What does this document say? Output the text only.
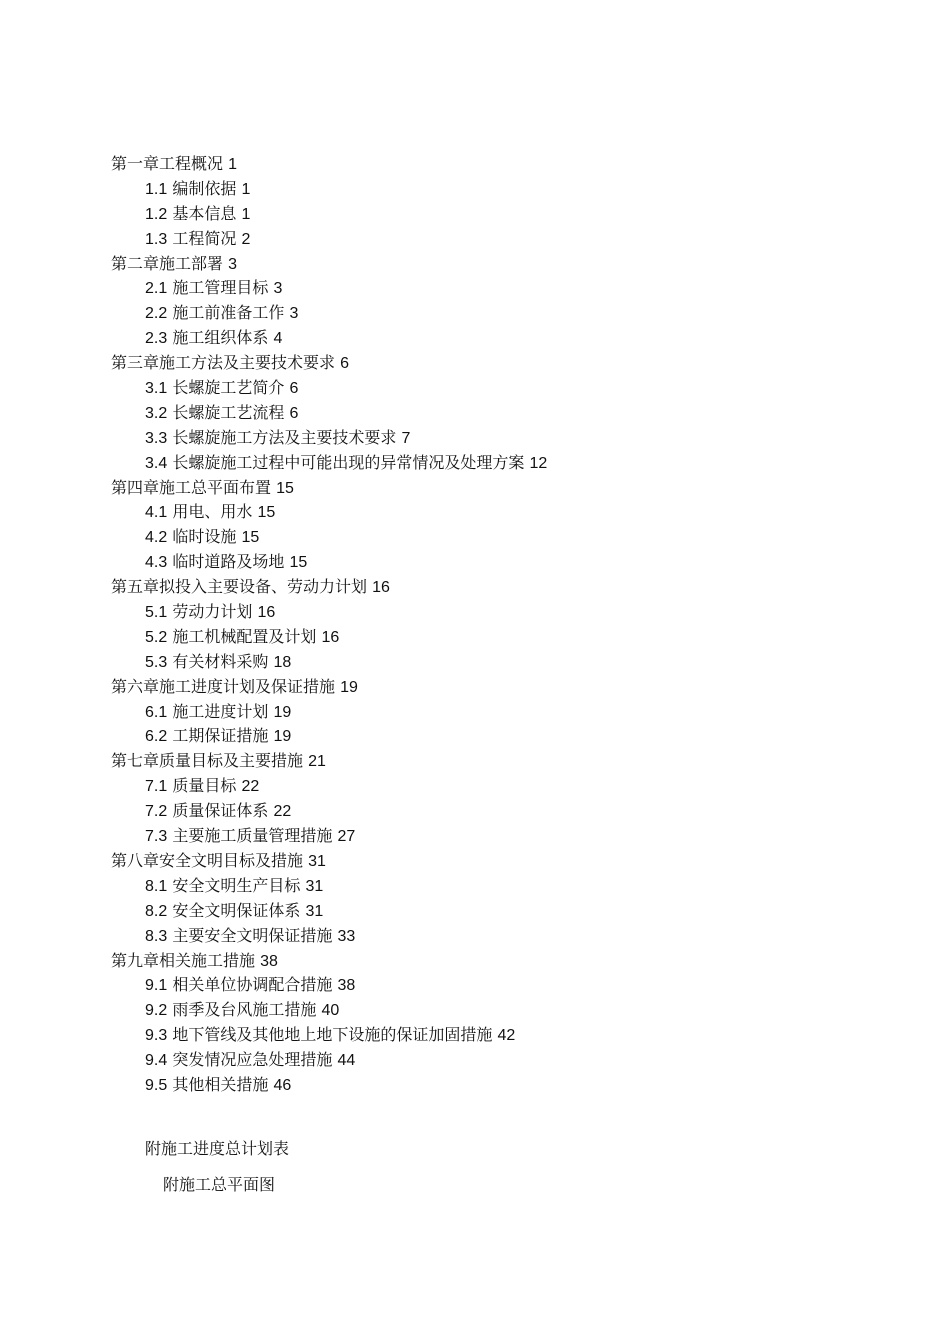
第一章工程概况 1
1.1 编制依据 1
1.2 基本信息 1
1.3 工程简况 2
第二章施工部署 3
2.1 施工管理目标 3
2.2 施工前准备工作 3
2.3 施工组织体系 4
第三章施工方法及主要技术要求 6
3.1 长螺旋工艺简介 6
3.2 长螺旋工艺流程 6
3.3 长螺旋施工方法及主要技术要求 7
3.4 长螺旋施工过程中可能出现的异常情况及处理方案 12
第四章施工总平面布置 15
4.1 用电、用水 15
4.2 临时设施 15
4.3 临时道路及场地 15
第五章拟投入主要设备、劳动力计划 16
5.1 劳动力计划 16
5.2 施工机械配置及计划 16
5.3 有关材料采购 18
第六章施工进度计划及保证措施 19
6.1 施工进度计划 19
6.2 工期保证措施 19
第七章质量目标及主要措施 21
7.1 质量目标 22
7.2 质量保证体系 22
7.3 主要施工质量管理措施 27
第八章安全文明目标及措施 31
8.1 安全文明生产目标 31
8.2 安全文明保证体系 31
8.3 主要安全文明保证措施 33
第九章相关施工措施 38
9.1 相关单位协调配合措施 38
9.2 雨季及台风施工措施 40
9.3 地下管线及其他地上地下设施的保证加固措施 42
9.4 突发情况应急处理措施 44
9.5 其他相关措施 46
附施工进度总计划表
附施工总平面图
